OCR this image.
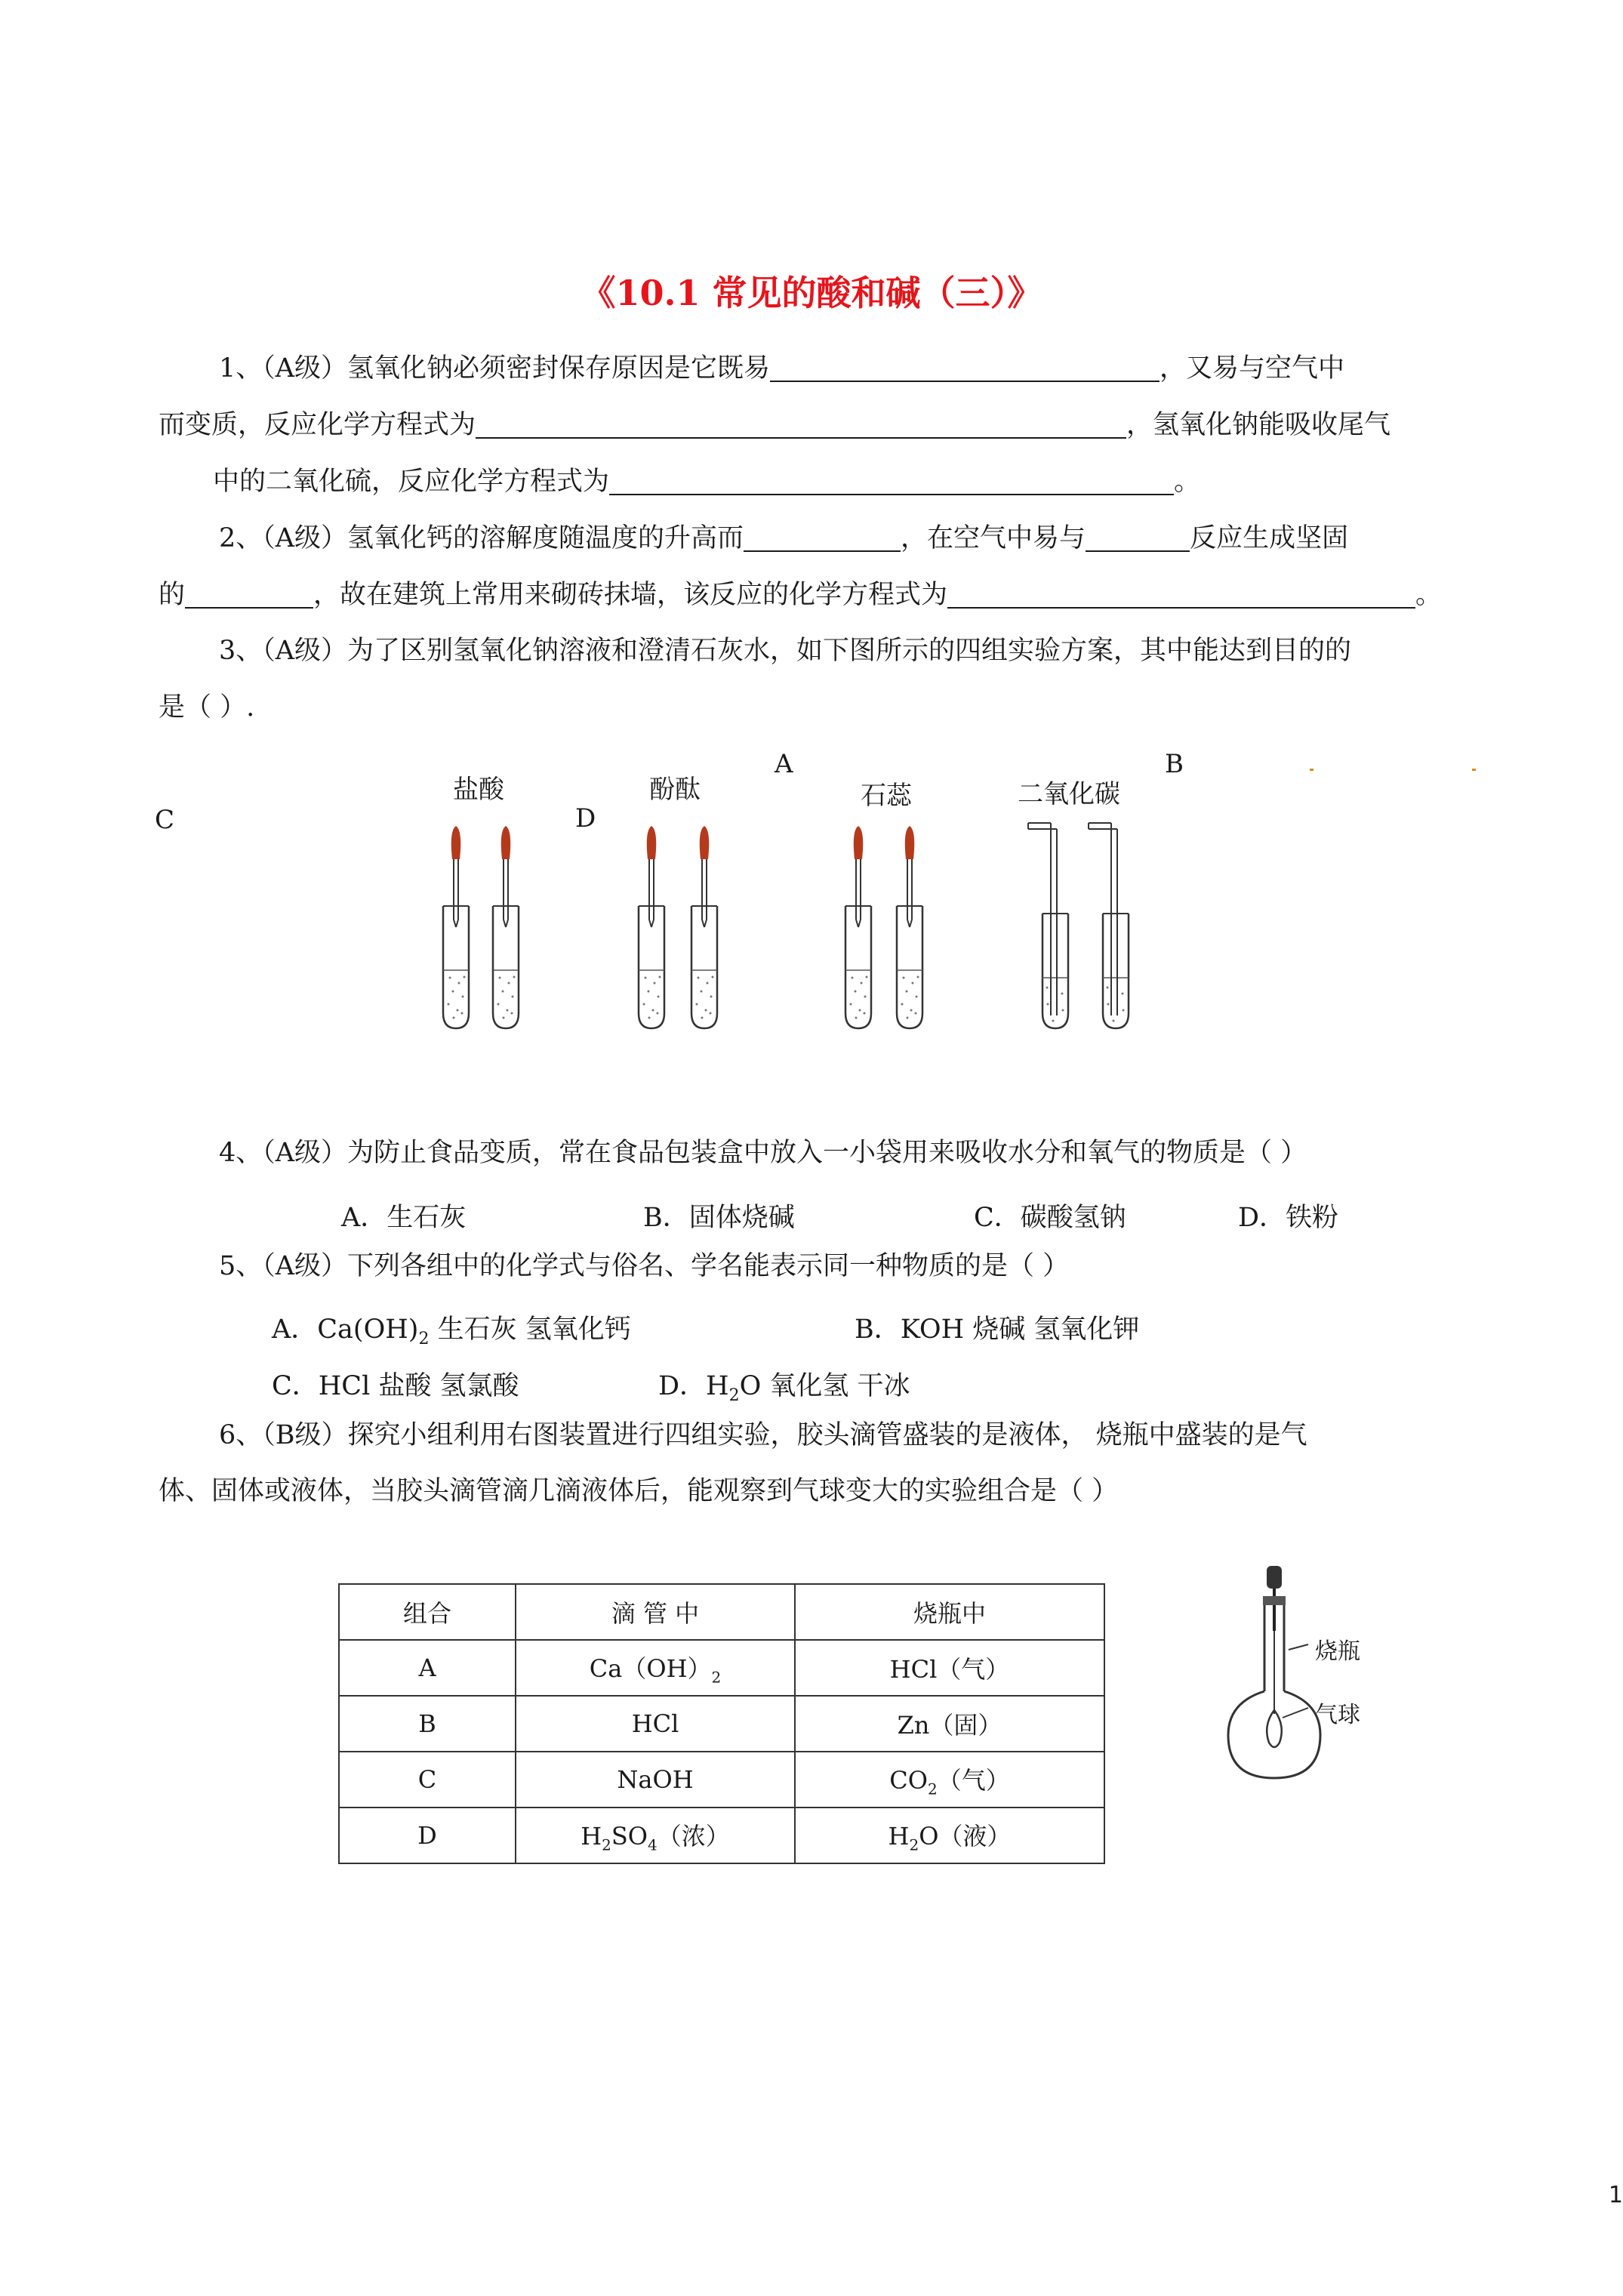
《10.1 常见的酸和碱（三）》
1、（A级）氢氧化钠必须密封保存原因是它既易	，又易与空气中
而变质，反应化学方程式为	，氢氧化钠能吸收尾气
中的二氧化硫，反应化学方程式为	。
2、（A级）氢氧化钙的溶解度随温度的升高而	，在空气中易与	反应生成坚固
的	，故在建筑上常用来砌砖抹墙，该反应的化学方程式为	。
3、（A级）为了区别氢氧化钠溶液和澄清石灰水，如下图所示的四组实验方案，其中能达到目的的
是（ ）.
盐酸	酚酞	石蕊	二氧化碳
A	B
C	D
4、（A级）为防止食品变质，常在食品包装盒中放入一小袋用来吸收水分和氧气的物质是（ ）
A．生石灰	B．固体烧碱	C．碳酸氢钠	D．铁粉
5、（A级）下列各组中的化学式与俗名、学名能表示同一种物质的是（ ）
A．$Ca(OH)_2$ 生石灰 氢氧化钙	B．KOH 烧碱 氢氧化钾
C．HCl 盐酸 氢氯酸	D．$H_2O$ 氧化氢 干冰
6、（B级）探究小组利用右图装置进行四组实验，胶头滴管盛装的是液体， 烧瓶中盛装的是气
体、固体或液体，当胶头滴管滴几滴液体后，能观察到气球变大的实验组合是（ ）
组合	滴 管 中	烧瓶中
A	$Ca(OH)_2$	HCl（气）
B	HCl	Zn（固）
C	NaOH	$CO_2$（气）
D	$H_2SO_4$（浓）	$H_2O$（液）
烧瓶
气球
1
